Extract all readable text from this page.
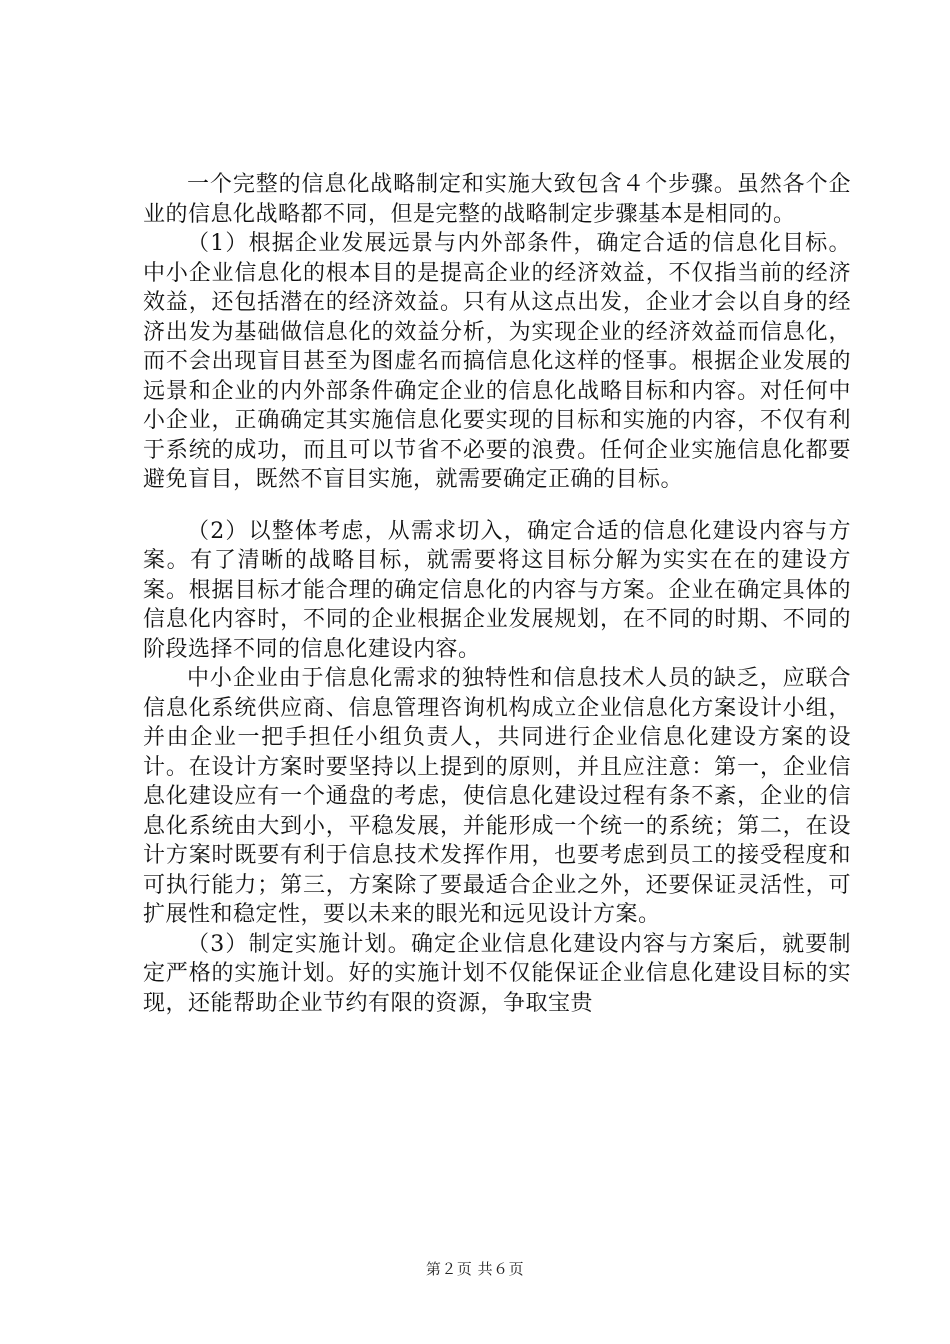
一个完整的信息化战略制定和实施大致包含４个步骤。虽然各个企业的信息化战略都不同，但是完整的战略制定步骤基本是相同的。

（1）根据企业发展远景与内外部条件，确定合适的信息化目标。中小企业信息化的根本目的是提高企业的经济效益，不仅指当前的经济效益，还包括潜在的经济效益。只有从这点出发，企业才会以自身的经济出发为基础做信息化的效益分析，为实现企业的经济效益而信息化，而不会出现盲目甚至为图虚名而搞信息化这样的怪事。根据企业发展的远景和企业的内外部条件确定企业的信息化战略目标和内容。对任何中小企业，正确确定其实施信息化要实现的目标和实施的内容，不仅有利于系统的成功，而且可以节省不必要的浪费。任何企业实施信息化都要避免盲目，既然不盲目实施，就需要确定正确的目标。

（2）以整体考虑，从需求切入，确定合适的信息化建设内容与方案。有了清晰的战略目标，就需要将这目标分解为实实在在的建设方案。根据目标才能合理的确定信息化的内容与方案。企业在确定具体的信息化内容时，不同的企业根据企业发展规划，在不同的时期、不同的阶段选择不同的信息化建设内容。

中小企业由于信息化需求的独特性和信息技术人员的缺乏，应联合信息化系统供应商、信息管理咨询机构成立企业信息化方案设计小组，并由企业一把手担任小组负责人，共同进行企业信息化建设方案的设计。在设计方案时要坚持以上提到的原则，并且应注意：第一，企业信息化建设应有一个通盘的考虑，使信息化建设过程有条不紊，企业的信息化系统由大到小，平稳发展，并能形成一个统一的系统；第二，在设计方案时既要有利于信息技术发挥作用，也要考虑到员工的接受程度和可执行能力；第三，方案除了要最适合企业之外，还要保证灵活性，可扩展性和稳定性，要以未来的眼光和远见设计方案。

（3）制定实施计划。确定企业信息化建设内容与方案后，就要制定严格的实施计划。好的实施计划不仅能保证企业信息化建设目标的实现，还能帮助企业节约有限的资源，争取宝贵

第２页 共６页
